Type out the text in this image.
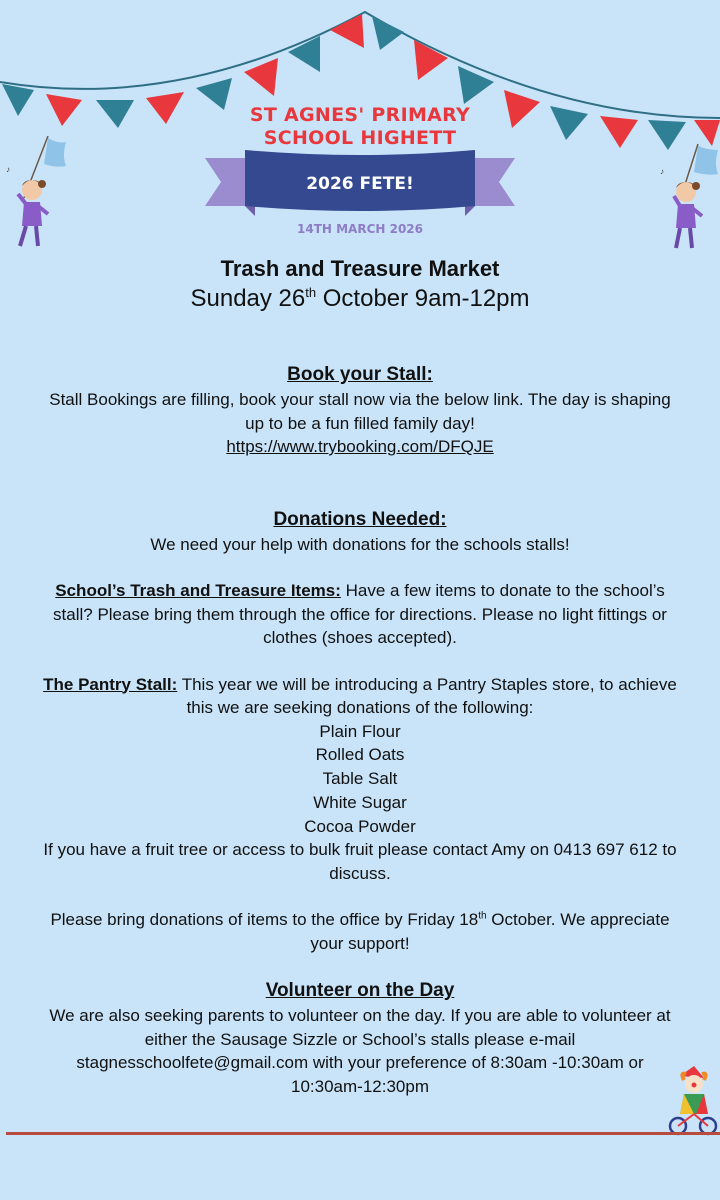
♪	♪
ST AGNES' PRIMARY
SCHOOL HIGHETT
2026 FETE!
14TH MARCH 2026

Trash and Treasure Market

Sunday 26th October 9am-12pm

Book your Stall:

Stall Bookings are filling, book your stall now via the below link. The day is shaping up to be a fun filled family day!

https://www.trybooking.com/DFQJE

Donations Needed:

We need your help with donations for the schools stalls!

School’s Trash and Treasure Items: Have a few items to donate to the school’s stall? Please bring them through the office for directions. Please no light fittings or clothes (shoes accepted).

The Pantry Stall: This year we will be introducing a Pantry Staples store, to achieve this we are seeking donations of the following:

Plain Flour
Rolled Oats
Table Salt
White Sugar
Cocoa Powder

If you have a fruit tree or access to bulk fruit please contact Amy on 0413 697 612 to discuss.

Please bring donations of items to the office by Friday 18th October. We appreciate your support!

Volunteer on the Day

We are also seeking parents to volunteer on the day. If you are able to volunteer at either the Sausage Sizzle or School’s stalls please e-mail stagnesschoolfete@gmail.com with your preference of 8:30am -10:30am or 10:30am-12:30pm
